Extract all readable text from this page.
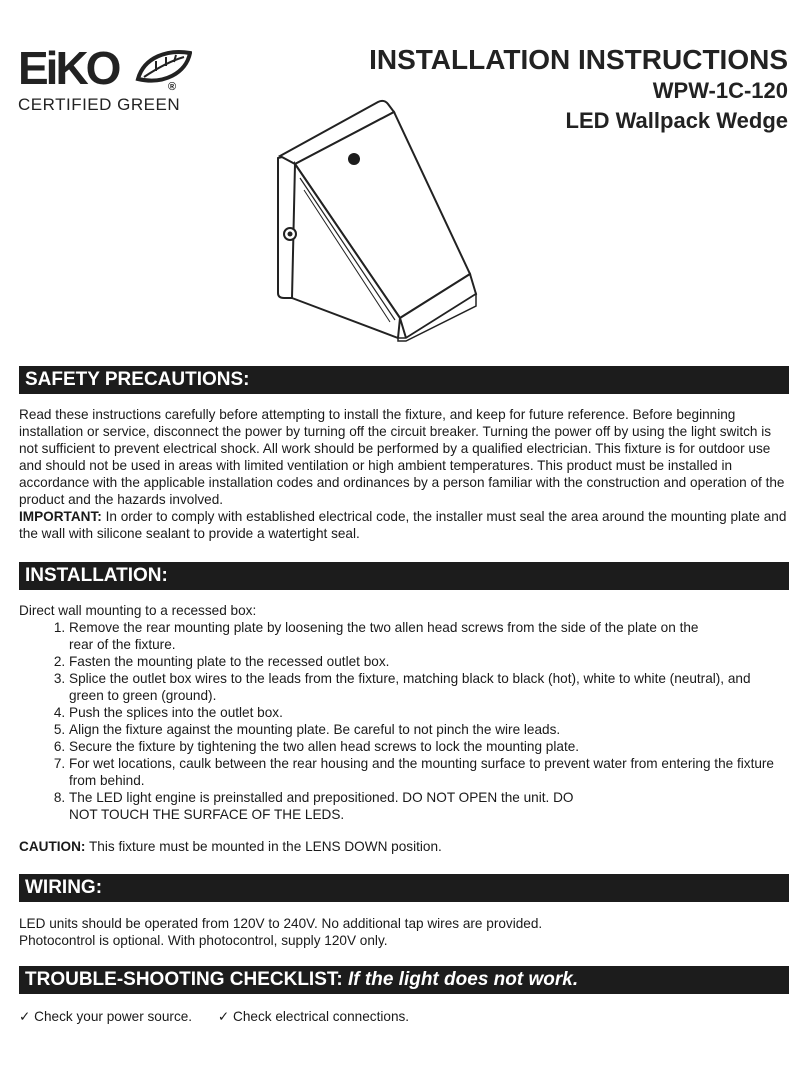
EiKO	®
CERTIFIED GREEN
INSTALLATION INSTRUCTIONS
WPW-1C-120
LED Wallpack Wedge
SAFETY PRECAUTIONS:

Read these instructions carefully before attempting to install the fixture, and keep for future reference. Before beginning installation or service, disconnect the power by turning off the circuit breaker. Turning the power off by using the light switch is not sufficient to prevent electrical shock. All work should be performed by a qualified electrician. This fixture is for outdoor use and should not be used in areas with limited ventilation or high ambient temperatures. This product must be installed in accordance with the applicable installation codes and ordinances by a person familiar with the construction and operation of the product and the hazards involved.

IMPORTANT: In order to comply with established electrical code, the installer must seal the area around the mounting plate and the wall with silicone sealant to provide a watertight seal.

INSTALLATION:

Direct wall mounting to a recessed box:

1. Remove the rear mounting plate by loosening the two allen head screws from the side of the plate on the rear of the fixture.
2. Fasten the mounting plate to the recessed outlet box.
3. Splice the outlet box wires to the leads from the fixture, matching black to black (hot), white to white (neutral), and green to green (ground).
4. Push the splices into the outlet box.
5. Align the fixture against the mounting plate. Be careful to not pinch the wire leads.
6. Secure the fixture by tightening the two allen head screws to lock the mounting plate.
7. For wet locations, caulk between the rear housing and the mounting surface to prevent water from entering the fixture from behind.
8. The LED light engine is preinstalled and prepositioned. DO NOT OPEN the unit. DO NOT TOUCH THE SURFACE OF THE LEDS.

CAUTION: This fixture must be mounted in the LENS DOWN position.

WIRING:

LED units should be operated from 120V to 240V. No additional tap wires are provided.

Photocontrol is optional. With photocontrol, supply 120V only.

TROUBLE-SHOOTING CHECKLIST: If the light does not work.
✓ Check your power source. ✓ Check electrical connections.
